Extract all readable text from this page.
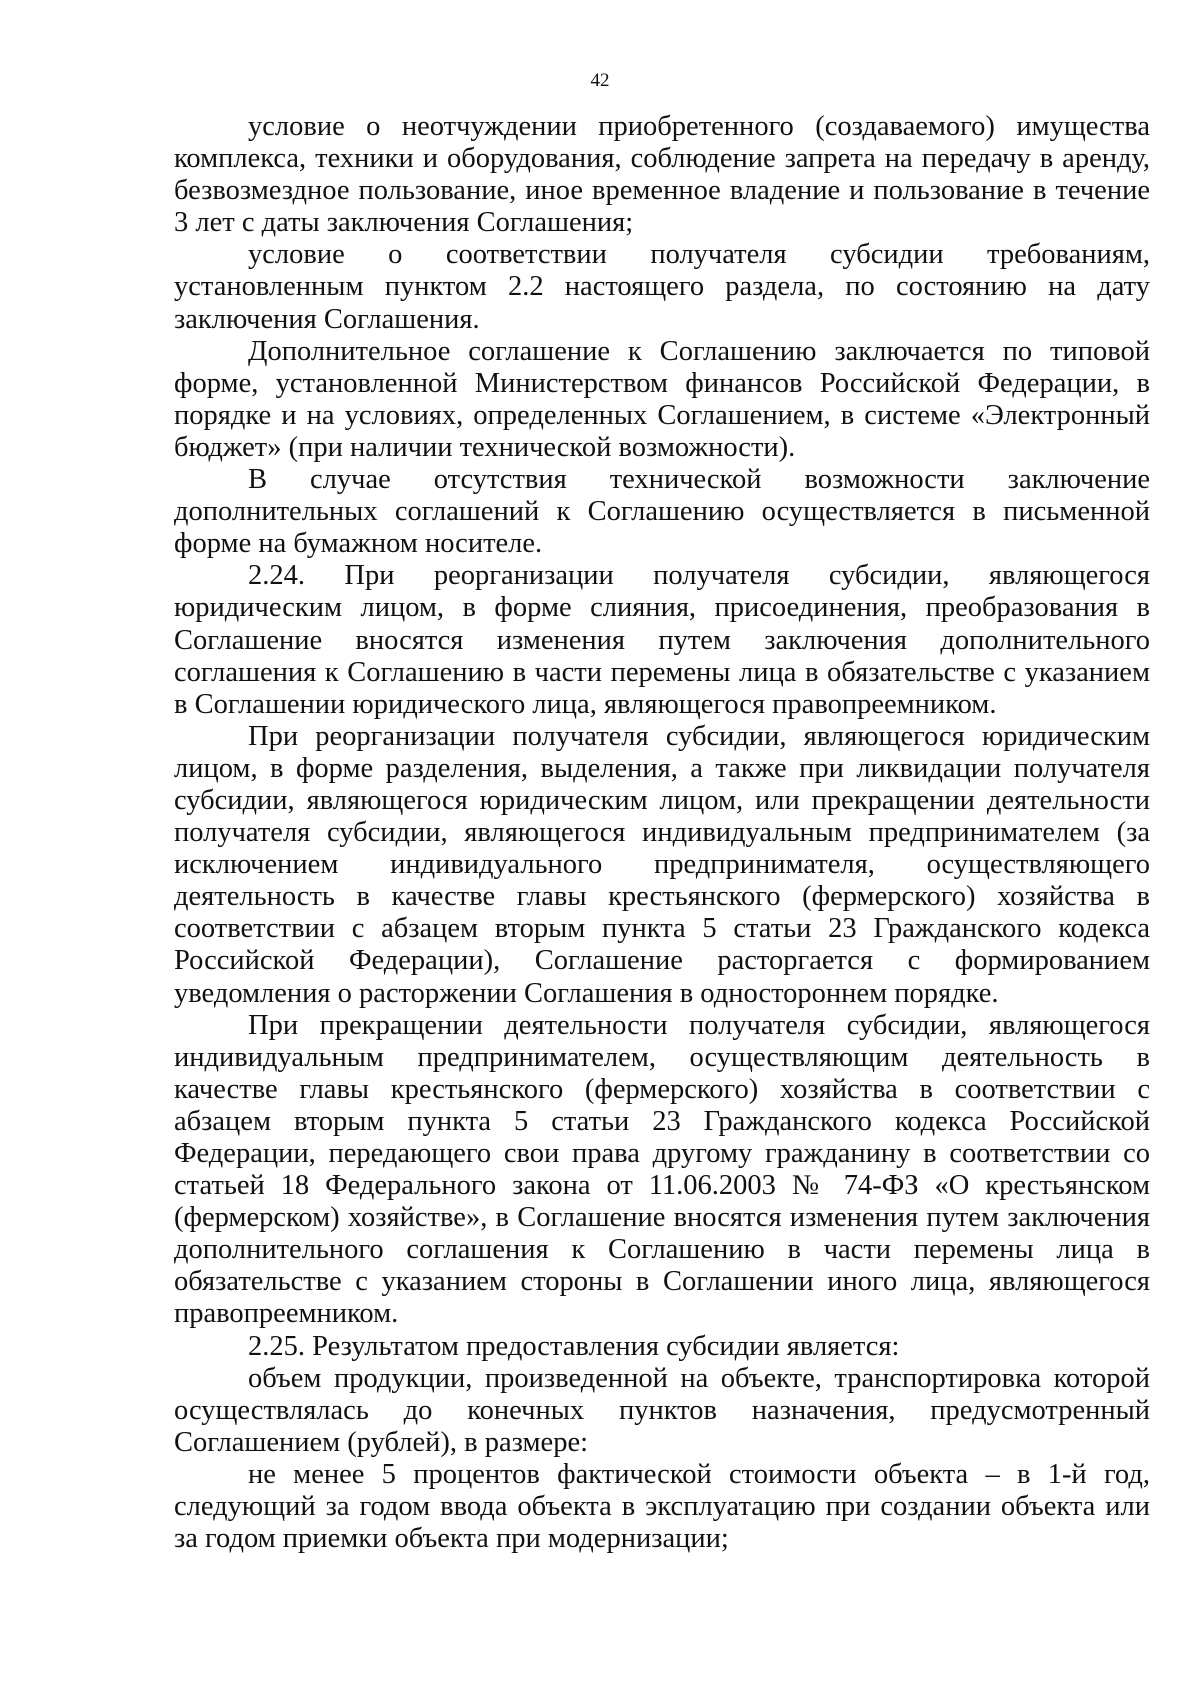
42

условие о неотчуждении приобретенного (создаваемого) имущества комплекса, техники и оборудования, соблюдение запрета на передачу в аренду, безвозмездное пользование, иное временное владение и пользование в течение 3 лет с даты заключения Соглашения;

условие о соответствии получателя субсидии требованиям, установленным пунктом 2.2 настоящего раздела, по состоянию на дату заключения Соглашения.

Дополнительное соглашение к Соглашению заключается по типовой форме, установленной Министерством финансов Российской Федерации, в порядке и на условиях, определенных Соглашением, в системе «Электронный бюджет» (при наличии технической возможности).

В случае отсутствия технической возможности заключение дополнительных соглашений к Соглашению осуществляется в письменной форме на бумажном носителе.

2.24. При реорганизации получателя субсидии, являющегося юридическим лицом, в форме слияния, присоединения, преобразования в Соглашение вносятся изменения путем заключения дополнительного соглашения к Соглашению в части перемены лица в обязательстве с указанием в Соглашении юридического лица, являющегося правопреемником.

При реорганизации получателя субсидии, являющегося юридическим лицом, в форме разделения, выделения, а также при ликвидации получателя субсидии, являющегося юридическим лицом, или прекращении деятельности получателя субсидии, являющегося индивидуальным предпринимателем (за исключением индивидуального предпринимателя, осуществляющего деятельность в качестве главы крестьянского (фермерского) хозяйства в соответствии с абзацем вторым пункта 5 статьи 23 Гражданского кодекса Российской Федерации), Соглашение расторгается с формированием уведомления о расторжении Соглашения в одностороннем порядке.

При прекращении деятельности получателя субсидии, являющегося индивидуальным предпринимателем, осуществляющим деятельность в качестве главы крестьянского (фермерского) хозяйства в соответствии с абзацем вторым пункта 5 статьи 23 Гражданского кодекса Российской Федерации, передающего свои права другому гражданину в соответствии со статьей 18 Федерального закона от 11.06.2003 № 74-ФЗ «О крестьянском (фермерском) хозяйстве», в Соглашение вносятся изменения путем заключения дополнительного соглашения к Соглашению в части перемены лица в обязательстве с указанием стороны в Соглашении иного лица, являющегося правопреемником.

2.25. Результатом предоставления субсидии является:

объем продукции, произведенной на объекте, транспортировка которой осуществлялась до конечных пунктов назначения, предусмотренный Соглашением (рублей), в размере:

не менее 5 процентов фактической стоимости объекта – в 1-й год, следующий за годом ввода объекта в эксплуатацию при создании объекта или за годом приемки объекта при модернизации;
